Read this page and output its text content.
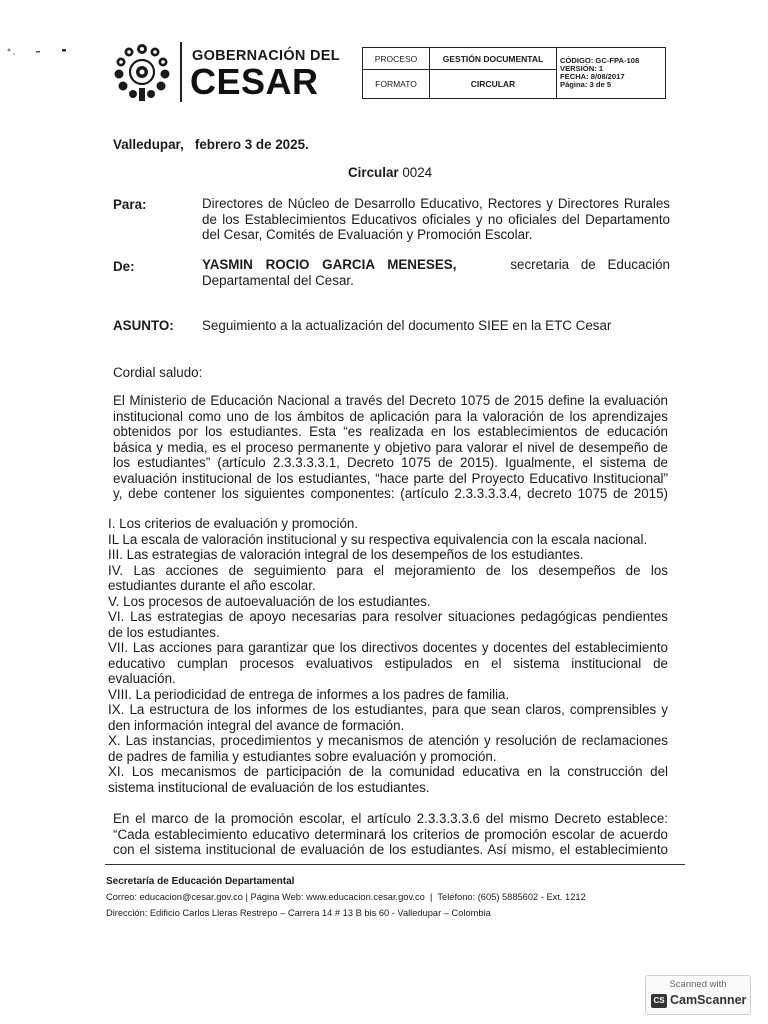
GOBERNACIÓN DEL
CESAR
PROCESO	GESTIÓN DOCUMENTAL	CÓDIGO: GC-FPA-108
VERSIÓN: 1
FECHA: 8/08/2017
Página: 3 de 5

FORMATO	CIRCULAR	
Valledupar,   febrero 3 de 2025.
Circular 0024
Para:	Directores de Núcleo de Desarrollo Educativo, Rectores y Directores Rurales
de los Establecimientos Educativos oficiales y no oficiales del Departamento
del Cesar, Comités de Evaluación y Promoción Escolar.
De:	YASMIN ROCIO GARCIA MENESES,	secretaria de Educación
Departamental del Cesar.
ASUNTO: Seguimiento a la actualización del documento SIEE en la ETC Cesar
Cordial saludo:
El Ministerio de Educación Nacional a través del Decreto 1075 de 2015 define la evaluación
institucional como uno de los ámbitos de aplicación para la valoración de los aprendizajes
obtenidos por los estudiantes. Esta “es realizada en los establecimientos de educación
básica y media, es el proceso permanente y objetivo para valorar el nivel de desempeño de
los estudiantes” (artículo 2.3.3.3.3.1, Decreto 1075 de 2015). Igualmente, el sistema de
evaluación institucional de los estudiantes, “hace parte del Proyecto Educativo Institucional”
y, debe contener los siguientes componentes: (artículo 2.3.3.3.3.4, decreto 1075 de 2015)
I. Los criterios de evaluación y promoción.
IL La escala de valoración institucional y su respectiva equivalencia con la escala nacional.
III. Las estrategias de valoración integral de los desempeños de los estudiantes.
IV. Las acciones de seguimiento para el mejoramiento de los desempeños de los
estudiantes durante el año escolar.
V. Los procesos de autoevaluación de los estudiantes.
VI. Las estrategias de apoyo necesarias para resolver situaciones pedagógicas pendientes
de los estudiantes.
VII. Las acciones para garantizar que los directivos docentes y docentes del establecimiento
educativo cumplan procesos evaluativos estipulados en el sistema institucional de
evaluación.
VIII. La periodicidad de entrega de informes a los padres de familia.
IX. La estructura de los informes de los estudiantes, para que sean claros, comprensibles y
den información integral del avance de formación.
X. Las instancias, procedimientos y mecanismos de atención y resolución de reclamaciones
de padres de familia y estudiantes sobre evaluación y promoción.
XI. Los mecanismos de participación de la comunidad educativa en la construcción del
sistema institucional de evaluación de los estudiantes.
En el marco de la promoción escolar, el artículo 2.3.3.3.3.6 del mismo Decreto establece:
“Cada establecimiento educativo determinará los criterios de promoción escolar de acuerdo
con el sistema institucional de evaluación de los estudiantes. Así mismo, el establecimiento
Secretaría de Educación Departamental
Correo: educacion@cesar.gov.co | Página Web: www.educacion.cesar.gov.co  |  Teléfono: (605) 5885602 - Ext. 1212
Dirección: Edificio Carlos Lleras Restrepo – Carrera 14 # 13 B bis 60 - Valledupar – Colombia
Scanned with
CS CamScanner
